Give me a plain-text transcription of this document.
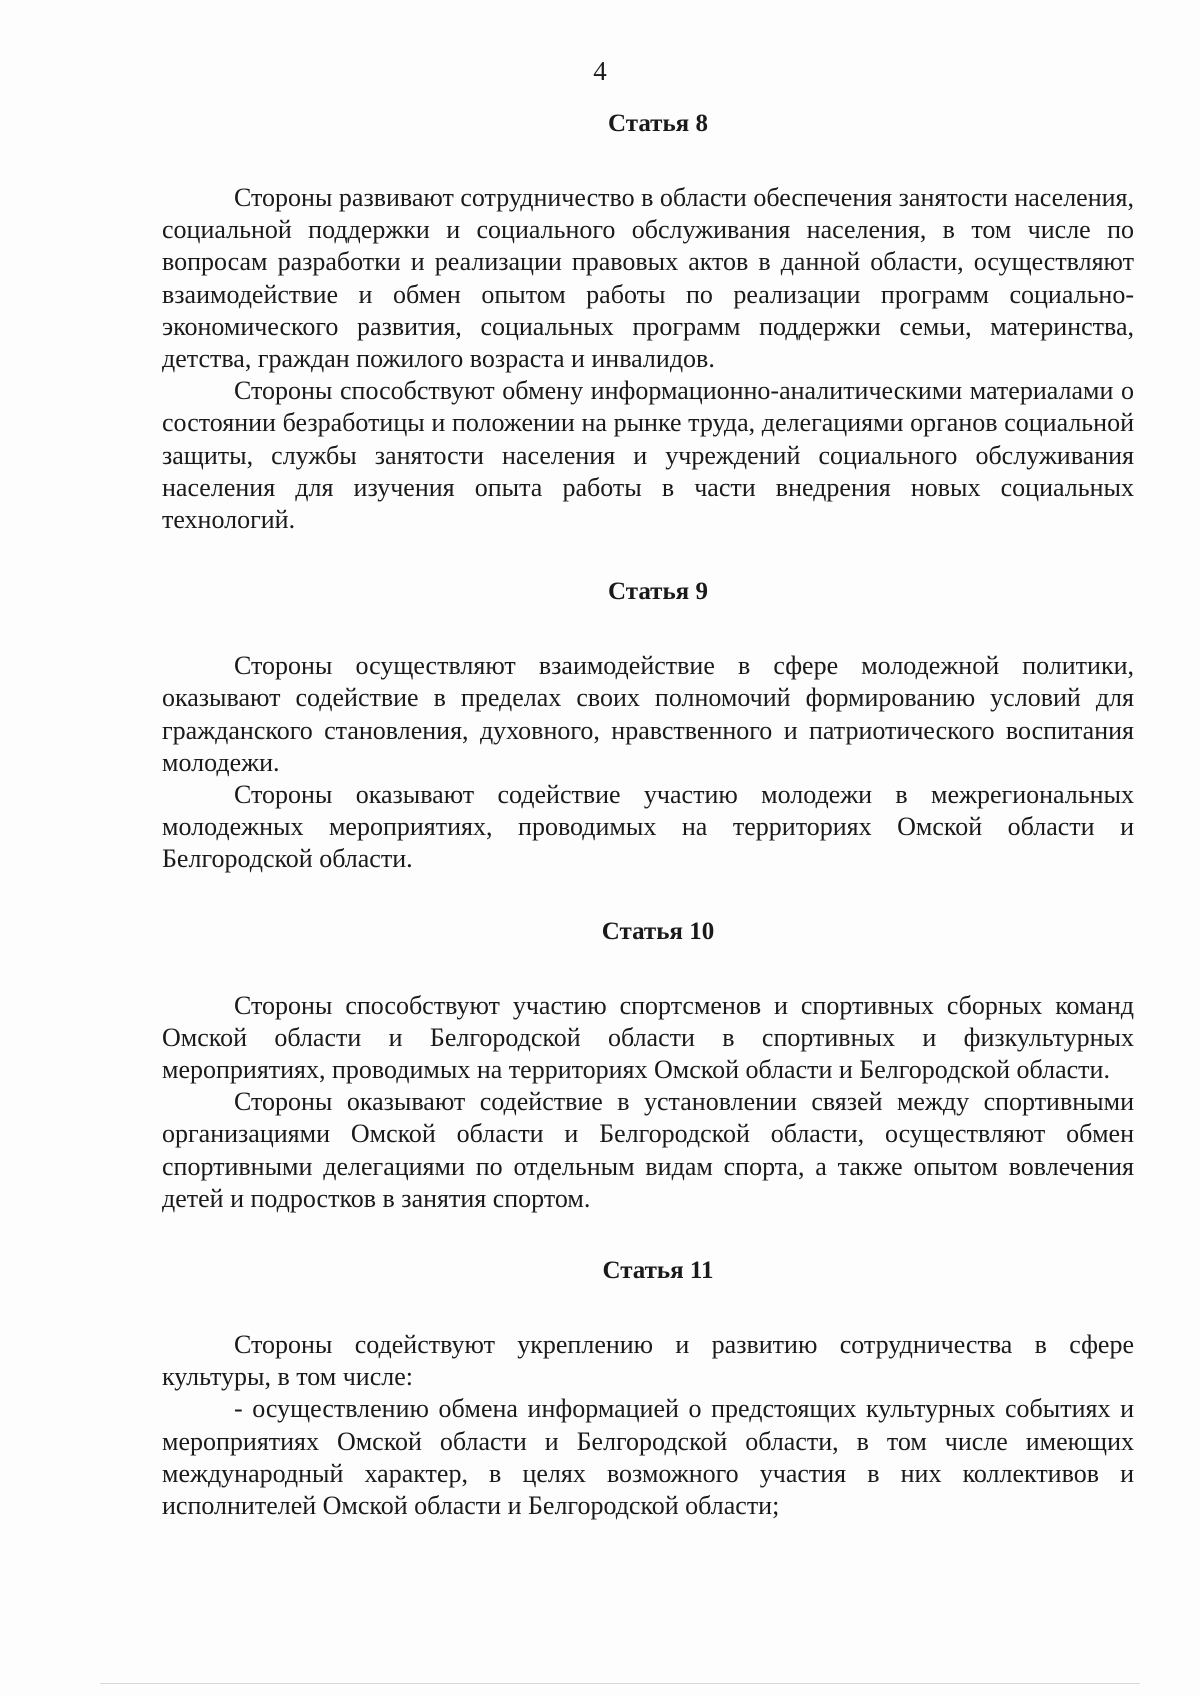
4
Статья 8

Стороны развивают сотрудничество в области обеспечения занятости населения, социальной поддержки и социального обслуживания населения, в том числе по вопросам разработки и реализации правовых актов в данной области, осуществляют взаимодействие и обмен опытом работы по реализации программ социально-экономического развития, социальных программ поддержки семьи, материнства, детства, граждан пожилого возраста и инвалидов.

Стороны способствуют обмену информационно-аналитическими материалами о состоянии безработицы и положении на рынке труда, делегациями органов социальной защиты, службы занятости населения и учреждений социального обслуживания населения для изучения опыта работы в части внедрения новых социальных технологий.

Статья 9

Стороны осуществляют взаимодействие в сфере молодежной политики, оказывают содействие в пределах своих полномочий формированию условий для гражданского становления, духовного, нравственного и патриотического воспитания молодежи.

Стороны оказывают содействие участию молодежи в межрегиональных молодежных мероприятиях, проводимых на территориях Омской области и Белгородской области.

Статья 10

Стороны способствуют участию спортсменов и спортивных сборных команд Омской области и Белгородской области в спортивных и физкультурных мероприятиях, проводимых на территориях Омской области и Белгородской области.

Стороны оказывают содействие в установлении связей между спортивными организациями Омской области и Белгородской области, осуществляют обмен спортивными делегациями по отдельным видам спорта, а также опытом вовлечения детей и подростков в занятия спортом.

Статья 11

Стороны содействуют укреплению и развитию сотрудничества в сфере культуры, в том числе:

- осуществлению обмена информацией о предстоящих культурных событиях и мероприятиях Омской области и Белгородской области, в том числе имеющих международный характер, в целях возможного участия в них коллективов и исполнителей Омской области и Белгородской области;
